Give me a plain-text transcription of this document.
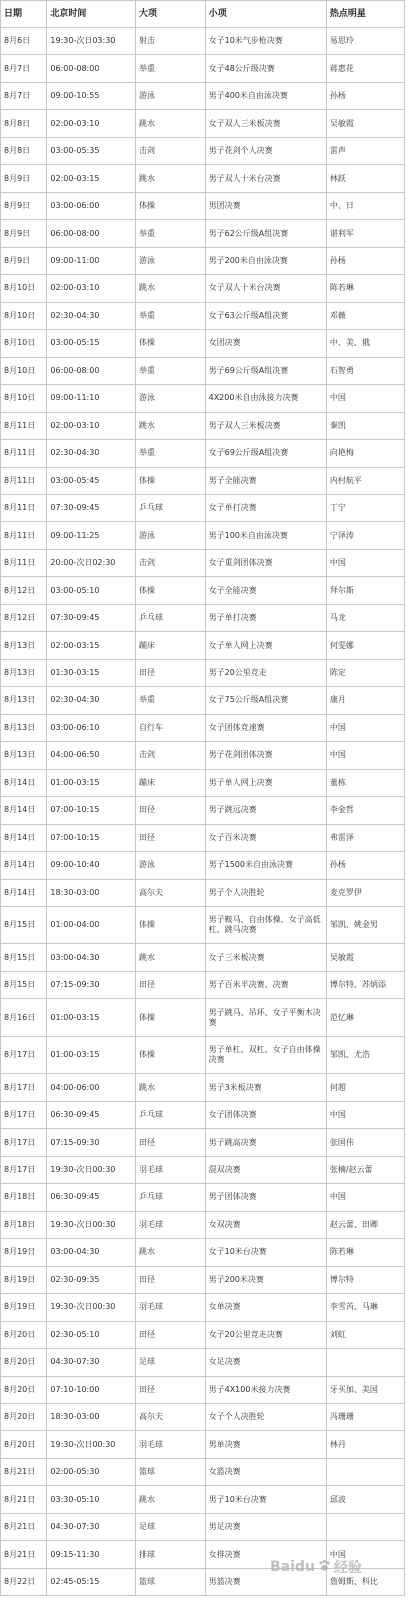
日期	北京时间	大项	小项	热点明星
8月6日	19:30-次日03:30	射击	女子10米气步枪决赛	易思玲
8月7日	06:00-08:00	举重	女子48公斤级决赛	蒋惠花
8月7日	09:00-10:55	游泳	男子400米自由泳决赛	孙杨
8月8日	02:00-03:10	跳水	女子双人三米板决赛	吴敏霞
8月8日	03:00-05:35	击剑	男子花剑个人决赛	雷声
8月9日	02:00-03:15	跳水	男子双人十米台决赛	林跃
8月9日	03:00-06:00	体操	男团决赛	中、日
8月9日	06:00-08:00	举重	男子62公斤级A组决赛	谌利军
8月9日	09:00-11:00	游泳	男子200米自由泳决赛	孙杨
8月10日	02:00-03:10	跳水	女子双人十米台决赛	陈若琳
8月10日	02:30-04:30	举重	女子63公斤级A组决赛	邓薇
8月10日	03:00-05:15	体操	女团决赛	中、美、俄
8月10日	06:00-08:00	举重	男子69公斤级A组决赛	石智勇
8月10日	09:00-11:10	游泳	4X200米自由泳接力决赛	中国
8月11日	02:00-03:10	跳水	男子双人三米板决赛	秦凯
8月11日	02:30-04:30	举重	女子69公斤级A组决赛	向艳梅
8月11日	03:00-05:45	体操	男子全能决赛	内村航平
8月11日	07:30-09:45	乒乓球	女子单打决赛	丁宁
8月11日	09:00-11:25	游泳	男子100米自由泳决赛	宁泽涛
8月11日	20:00-次日02:30	击剑	女子重剑团体决赛	中国
8月12日	03:00-05:10	体操	女子全能决赛	拜尔斯
8月12日	07:30-09:45	乒乓球	男子单打决赛	马龙
8月13日	02:00-03:15	蹦床	女子单人网上决赛	何雯娜
8月13日	01:30-03:15	田径	男子20公里竞走	陈定
8月13日	02:30-04:30	举重	女子75公斤级A组决赛	康月
8月13日	03:00-06:10	自行车	女子团体竞速赛	中国
8月13日	04:00-06:50	击剑	男子花剑团体决赛	中国
8月14日	01:00-03:15	蹦床	男子单人网上决赛	董栋
8月14日	07:00-10:15	田径	男子跳远决赛	李金哲
8月14日	07:00-10:15	田径	女子百米决赛	弗雷泽
8月14日	09:00-10:40	游泳	男子1500米自由泳决赛	孙杨
8月14日	18:30-03:00	高尔夫	男子个人决胜轮	麦克罗伊
8月15日	01:00-04:00	体操	男子鞍马、自由体操、女子高低杠、跳马决赛	邹凯、姚金男
8月15日	03:00-04:30	跳水	女子三米板决赛	吴敏霞
8月15日	07:15-09:30	田径	男子百米半决赛、决赛	博尔特、苏炳添
8月16日	01:00-03:15	体操	男子跳马、吊环、女子平衡木决赛	范忆琳
8月17日	01:00-03:15	体操	男子单杠、双杠、女子自由体操决赛	邹凯、尤浩
8月17日	04:00-06:00	跳水	男子3米板决赛	何超
8月17日	06:30-09:45	乒乓球	女子团体决赛	中国
8月17日	07:15-09:30	田径	男子跳高决赛	张国伟
8月17日	19:30-次日00:30	羽毛球	混双决赛	张楠/赵云蕾
8月18日	06:30-09:45	乒乓球	男子团体决赛	中国
8月18日	19:30-次日00:30	羽毛球	女双决赛	赵云蕾、田卿
8月19日	03:00-04:30	跳水	女子10米台决赛	陈若琳
8月19日	02:30-09:35	田径	男子200米决赛	博尔特
8月19日	19:30-次日00:30	羽毛球	女单决赛	李雪芮、马琳
8月20日	02:30-05:10	田径	女子20公里竞走决赛	刘虹
8月20日	04:30-07:30	足球	女足决赛	
8月20日	07:10-10:00	田径	男子4X100米接力决赛	牙买加、美国
8月20日	18:30-03:00	高尔夫	女子个人决胜轮	冯珊珊
8月20日	19:30-次日00:30	羽毛球	男单决赛	林丹
8月21日	02:00-05:30	篮球	女篮决赛	
8月21日	03:30-05:10	跳水	男子10米台决赛	邱波
8月21日	04:30-07:30	足球	男足决赛	
8月21日	09:15-11:30	排球	女排决赛	中国
8月22日	02:45-05:15	篮球	男篮决赛	詹姆斯、科比
Baidu 经验
